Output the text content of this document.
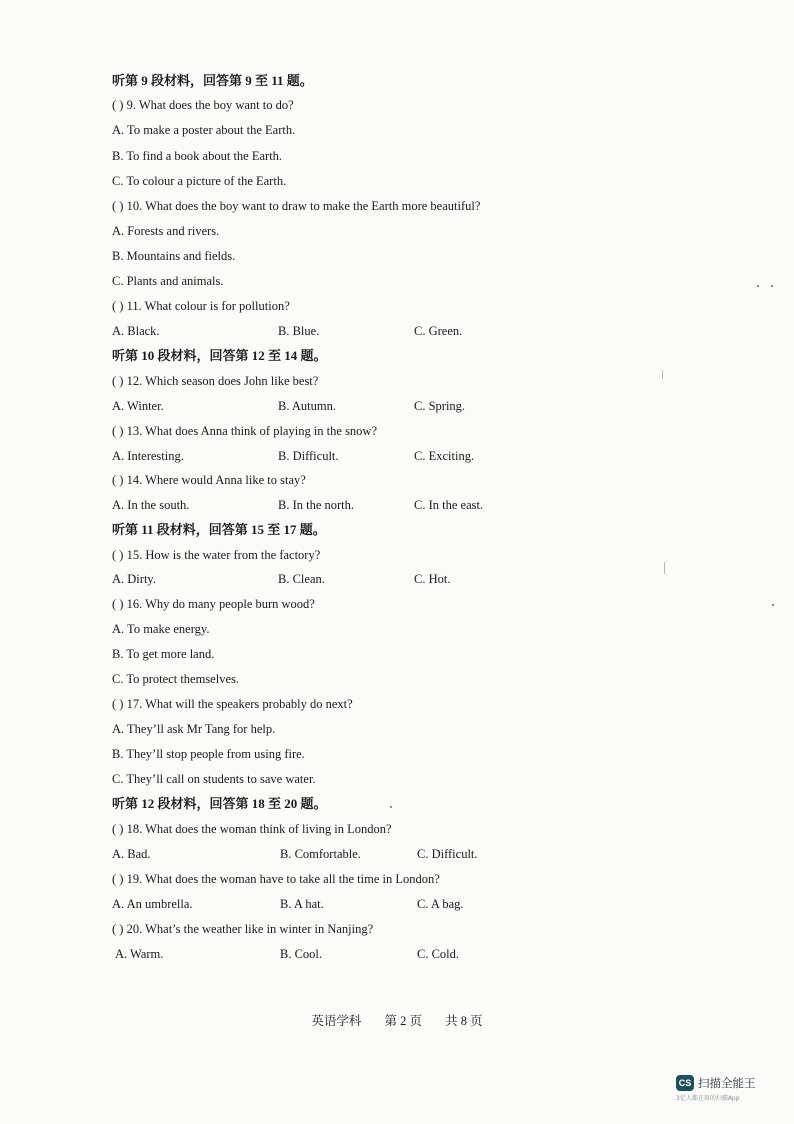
听第 9 段材料，回答第 9 至 11 题。
( ) 9. What does the boy want to do?
A. To make a poster about the Earth.
B. To find a book about the Earth.
C. To colour a picture of the Earth.
( ) 10. What does the boy want to draw to make the Earth more beautiful?
A. Forests and rivers.
B. Mountains and fields.
C. Plants and animals.
( ) 11. What colour is for pollution?
A. Black.	B. Blue.	C. Green.
听第 10 段材料，回答第 12 至 14 题。
( ) 12. Which season does John like best?
A. Winter.	B. Autumn.	C. Spring.
( ) 13. What does Anna think of playing in the snow?
A. Interesting.	B. Difficult.	C. Exciting.
( ) 14. Where would Anna like to stay?
A. In the south.	B. In the north.	C. In the east.
听第 11 段材料，回答第 15 至 17 题。
( ) 15. How is the water from the factory?
A. Dirty.	B. Clean.	C. Hot.
( ) 16. Why do many people burn wood?
A. To make energy.
B. To get more land.
C. To protect themselves.
( ) 17. What will the speakers probably do next?
A. They’ll ask Mr Tang for help.
B. They’ll stop people from using fire.
C. They’ll call on students to save water.
听第 12 段材料，回答第 18 至 20 题。
( ) 18. What does the woman think of living in London?
A. Bad.	B. Comfortable.	C. Difficult.
( ) 19. What does the woman have to take all the time in London?
A. An umbrella.	B. A hat.	C. A bag.
( ) 20. What’s the weather like in winter in Nanjing?
A. Warm.	B. Cool.	C. Cold.
英语学科 第 2 页 共 8 页
CS 扫描全能王
3亿人都在用的扫描App
